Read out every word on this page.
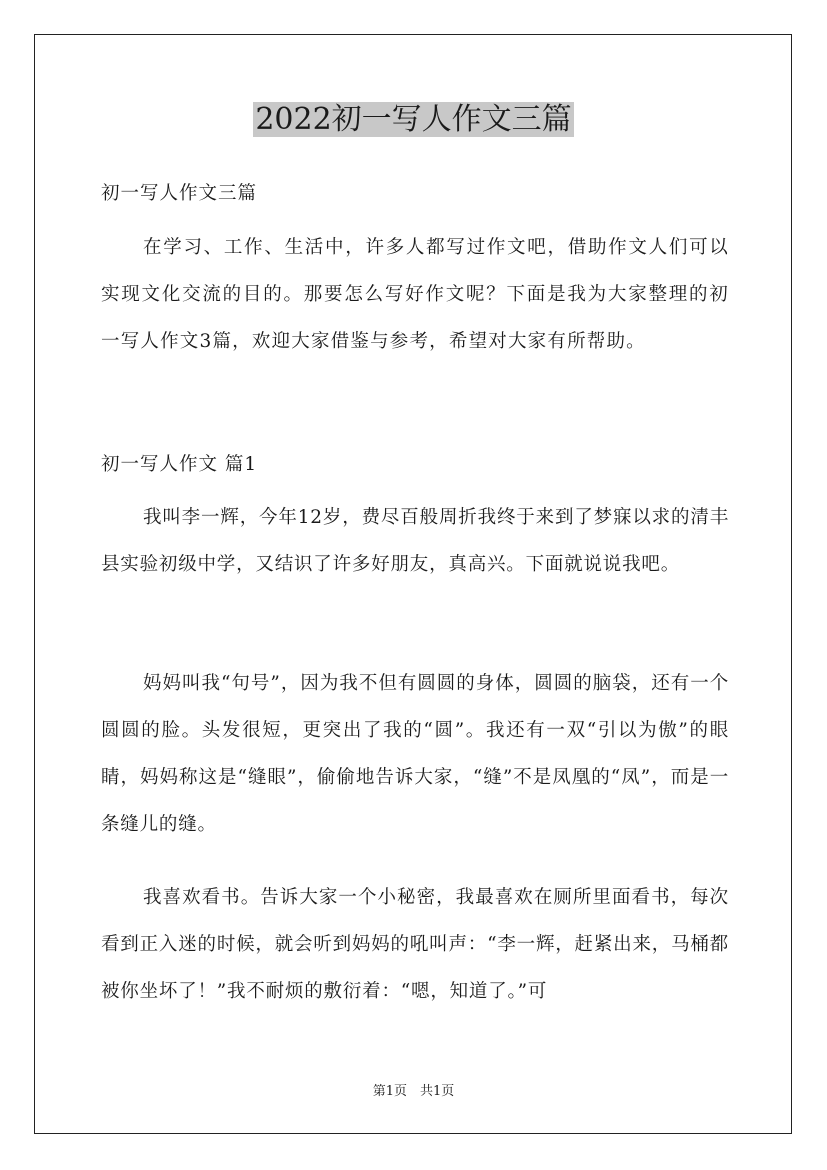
2022初一写人作文三篇

初一写人作文三篇

在学习、工作、生活中，许多人都写过作文吧，借助作文人们可以实现文化交流的目的。那要怎么写好作文呢？下面是我为大家整理的初一写人作文3篇，欢迎大家借鉴与参考，希望对大家有所帮助。

初一写人作文 篇1

我叫李一辉，今年12岁，费尽百般周折我终于来到了梦寐以求的清丰县实验初级中学，又结识了许多好朋友，真高兴。下面就说说我吧。

妈妈叫我“句号”，因为我不但有圆圆的身体，圆圆的脑袋，还有一个圆圆的脸。头发很短，更突出了我的“圆”。我还有一双“引以为傲”的眼睛，妈妈称这是“缝眼”，偷偷地告诉大家，“缝”不是凤凰的“凤”，而是一条缝儿的缝。

我喜欢看书。告诉大家一个小秘密，我最喜欢在厕所里面看书，每次看到正入迷的时候，就会听到妈妈的吼叫声：“李一辉，赶紧出来，马桶都被你坐坏了！”我不耐烦的敷衍着：“嗯，知道了。”可

第1页　共1页
